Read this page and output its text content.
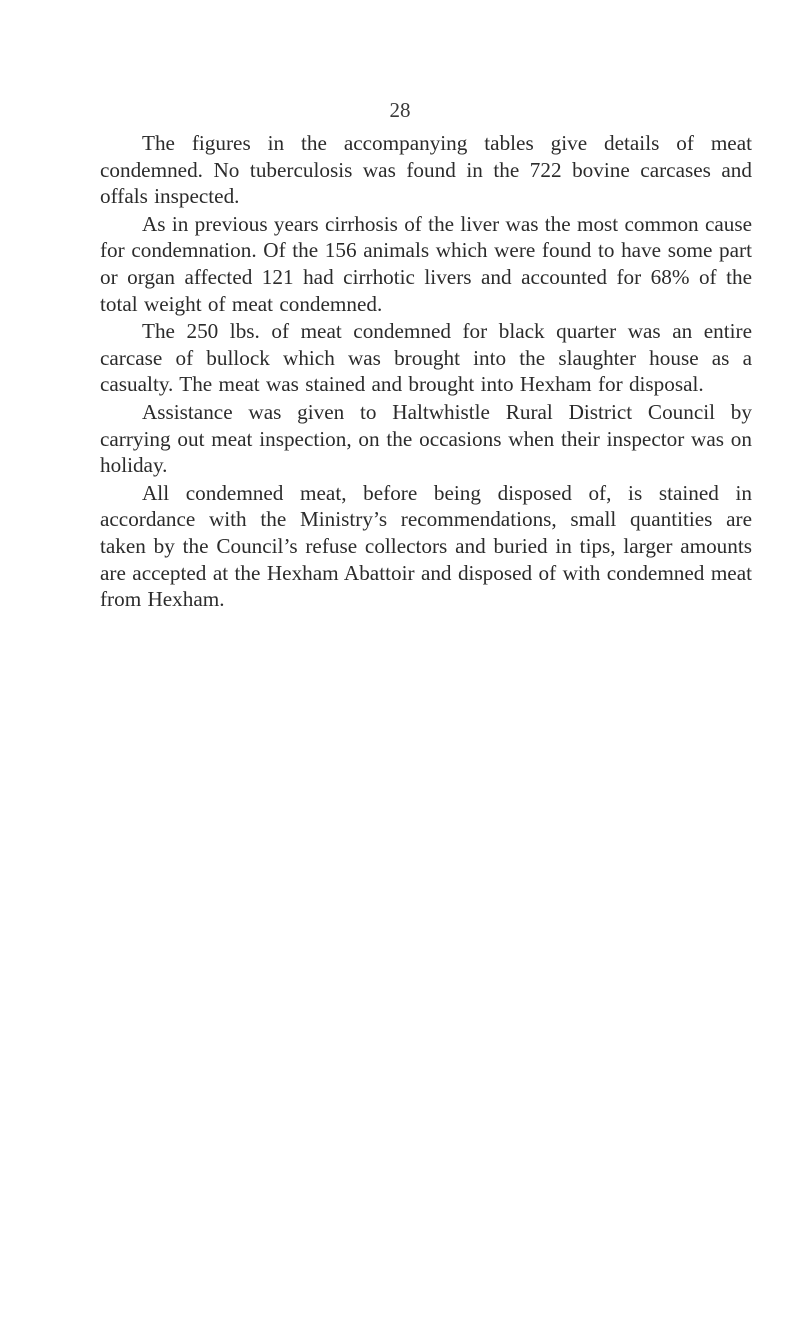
28

The figures in the accompanying tables give details of meat condemned. No tuberculosis was found in the 722 bovine carcases and offals inspected.

As in previous years cirrhosis of the liver was the most common cause for condemnation. Of the 156 animals which were found to have some part or organ affected 121 had cirrhotic livers and accounted for 68% of the total weight of meat condemned.

The 250 lbs. of meat condemned for black quarter was an entire carcase of bullock which was brought into the slaughter house as a casualty. The meat was stained and brought into Hexham for disposal.

Assistance was given to Haltwhistle Rural District Council by carrying out meat inspection, on the occasions when their inspector was on holiday.

All condemned meat, before being disposed of, is stained in accordance with the Ministry’s recommendations, small quantities are taken by the Council’s refuse collectors and buried in tips, larger amounts are accepted at the Hexham Abattoir and disposed of with condemned meat from Hexham.
